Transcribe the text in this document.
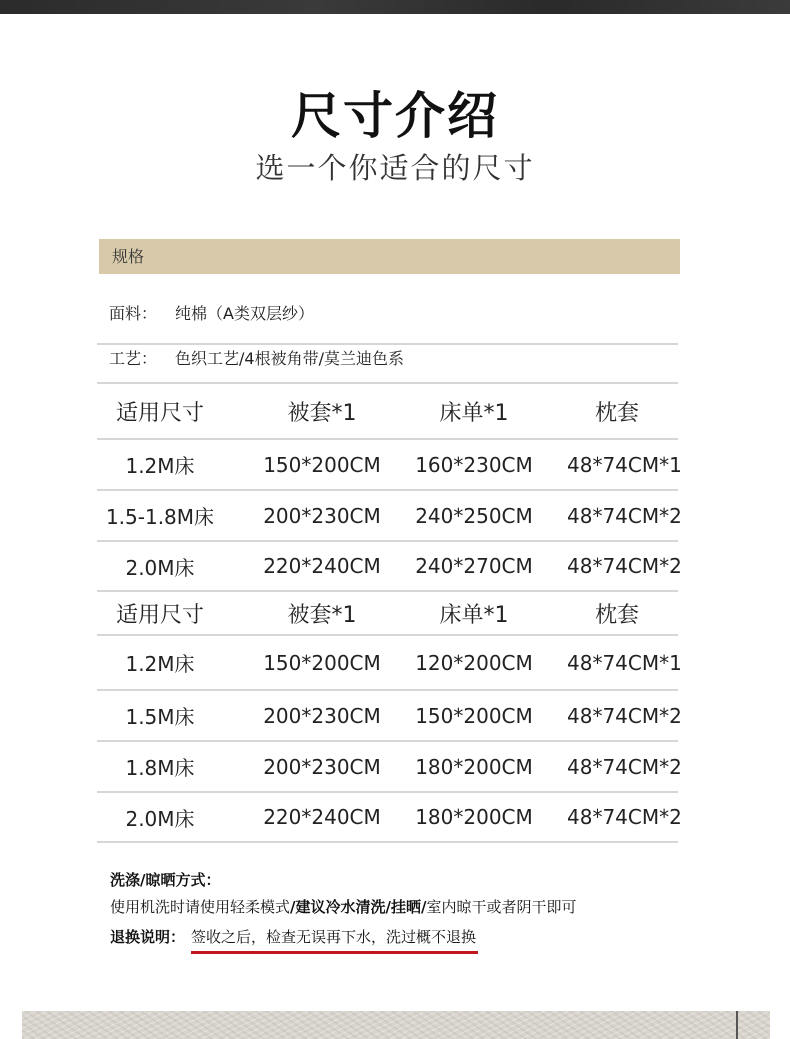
尺寸介绍
选一个你适合的尺寸
规格
面料： 纯棉（A类双层纱）
工艺： 色织工艺/4根被角带/莫兰迪色系
适用尺寸	被套*1	床单*1	枕套
1.2M床	150*200CM	160*230CM	48*74CM*1
1.5-1.8M床	200*230CM	240*250CM	48*74CM*2
2.0M床	220*240CM	240*270CM	48*74CM*2
适用尺寸	被套*1	床单*1	枕套
1.2M床	150*200CM	120*200CM	48*74CM*1
1.5M床	200*230CM	150*200CM	48*74CM*2
1.8M床	200*230CM	180*200CM	48*74CM*2
2.0M床	220*240CM	180*200CM	48*74CM*2
洗涤/晾晒方式：
使用机洗时请使用轻柔模式/建议冷水清洗/挂晒/室内晾干或者阴干即可
退换说明： 签收之后，检查无误再下水，洗过概不退换
